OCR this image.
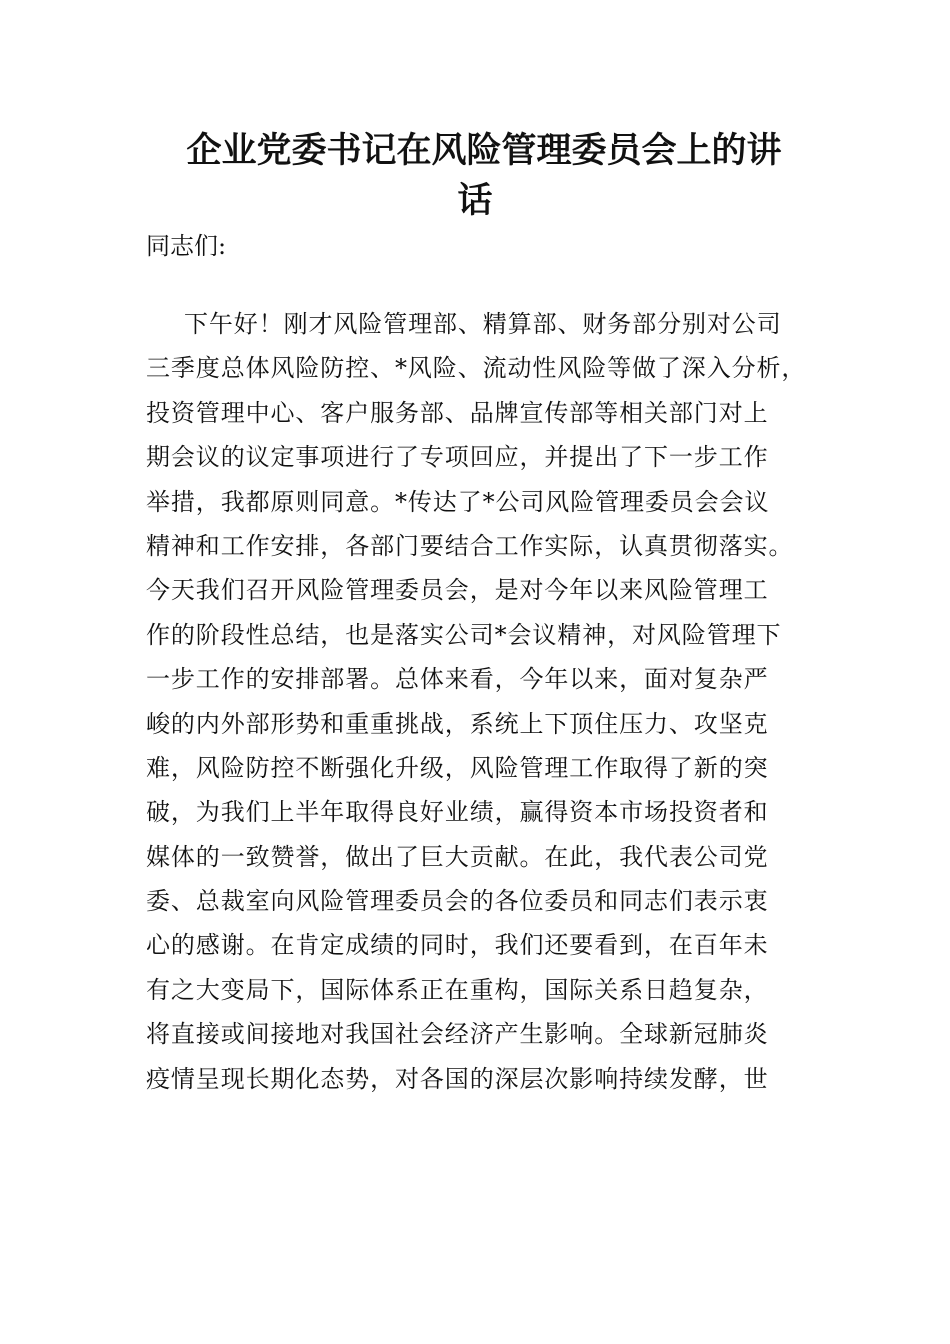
企业党委书记在风险管理委员会上的讲
话
同志们:
下午好！刚才风险管理部、精算部、财务部分别对公司
三季度总体风险防控、*风险、流动性风险等做了深入分析，
投资管理中心、客户服务部、品牌宣传部等相关部门对上
期会议的议定事项进行了专项回应，并提出了下一步工作
举措，我都原则同意。*传达了*公司风险管理委员会会议
精神和工作安排，各部门要结合工作实际，认真贯彻落实。
今天我们召开风险管理委员会，是对今年以来风险管理工
作的阶段性总结，也是落实公司*会议精神，对风险管理下
一步工作的安排部署。总体来看，今年以来，面对复杂严
峻的内外部形势和重重挑战，系统上下顶住压力、攻坚克
难，风险防控不断强化升级，风险管理工作取得了新的突
破，为我们上半年取得良好业绩，赢得资本市场投资者和
媒体的一致赞誉，做出了巨大贡献。在此，我代表公司党
委、总裁室向风险管理委员会的各位委员和同志们表示衷
心的感谢。在肯定成绩的同时，我们还要看到，在百年未
有之大变局下，国际体系正在重构，国际关系日趋复杂，
将直接或间接地对我国社会经济产生影响。全球新冠肺炎
疫情呈现长期化态势，对各国的深层次影响持续发酵，世
